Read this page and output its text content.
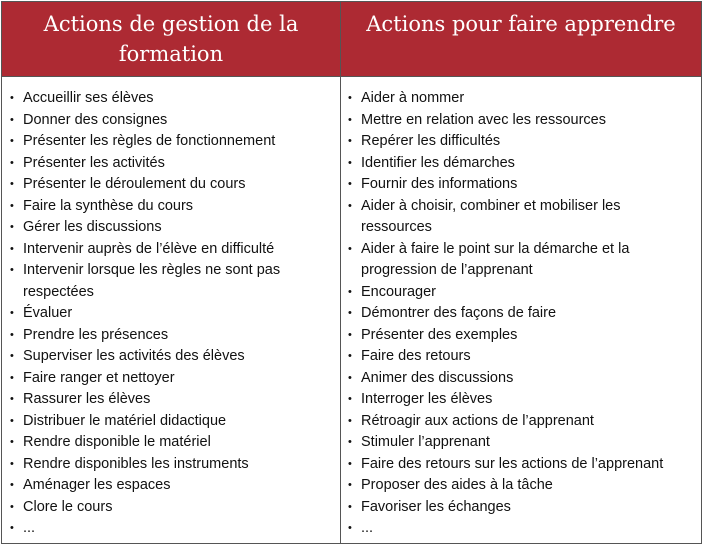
Actions de gestion de la formation
Actions pour faire apprendre
• Accueillir ses élèves
• Donner des consignes
• Présenter les règles de fonctionnement
• Présenter les activités
• Présenter le déroulement du cours
• Faire la synthèse du cours
• Gérer les discussions
• Intervenir auprès de l’élève en difficulté
• Intervenir lorsque les règles ne sont pas respectées
• Évaluer
• Prendre les présences
• Superviser les activités des élèves
• Faire ranger et nettoyer
• Rassurer les élèves
• Distribuer le matériel didactique
• Rendre disponible le matériel
• Rendre disponibles les instruments
• Aménager les espaces
• Clore le cours
• ...
• Aider à nommer
• Mettre en relation avec les ressources
• Repérer les difficultés
• Identifier les démarches
• Fournir des informations
• Aider à choisir, combiner et mobiliser les ressources
• Aider à faire le point sur la démarche et la progression de l’apprenant
• Encourager
• Démontrer des façons de faire
• Présenter des exemples
• Faire des retours
• Animer des discussions
• Interroger les élèves
• Rétroagir aux actions de l’apprenant
• Stimuler l’apprenant
• Faire des retours sur les actions de l’apprenant
• Proposer des aides à la tâche
• Favoriser les échanges
• ...
